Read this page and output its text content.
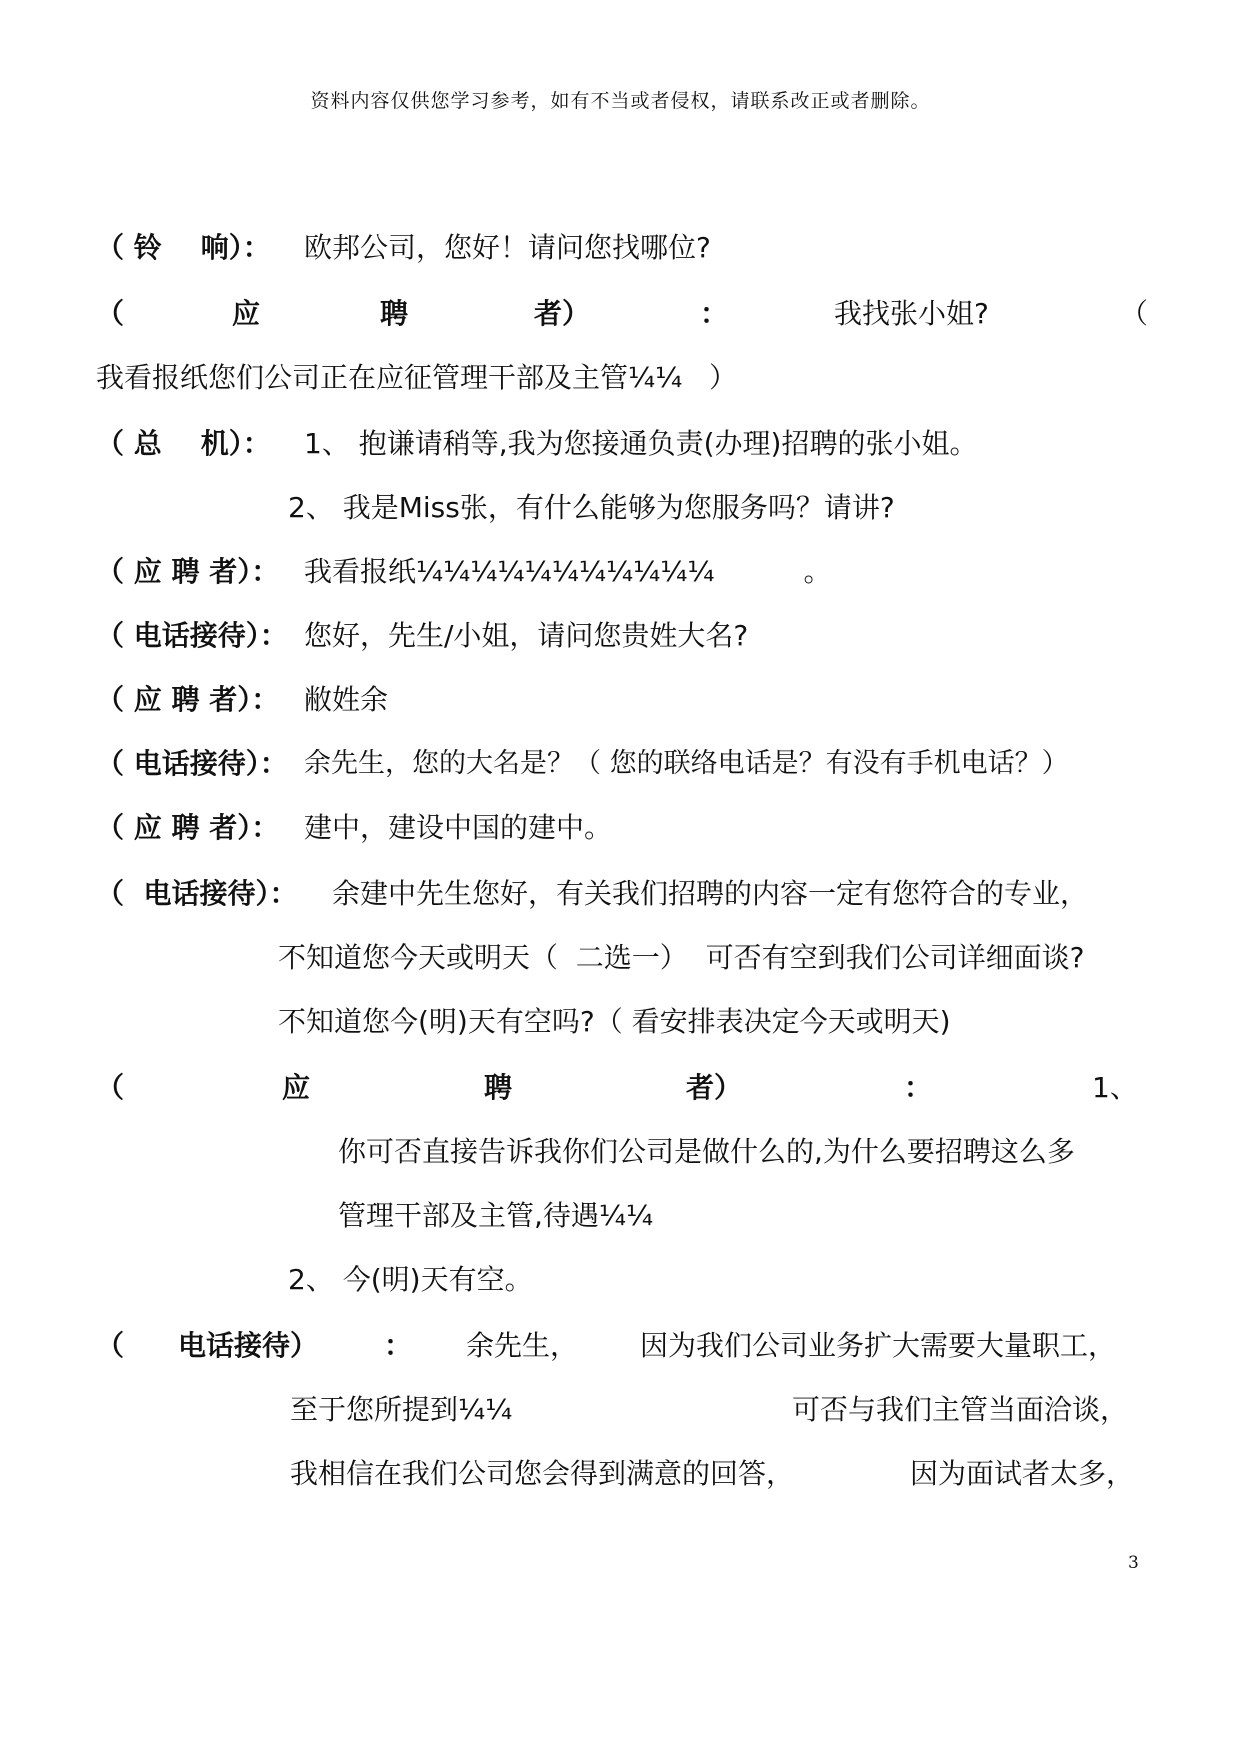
资料内容仅供您学习参考，如有不当或者侵权，请联系改正或者删除。
（ 铃    响）： 欧邦公司，您好！请问您找哪位?
（	应	聘	者）	：	我找张小姐?	（
我看报纸您们公司正在应征管理干部及主管¼¼   ）
（ 总    机）： 1、 抱谦请稍等,我为您接通负责(办理)招聘的张小姐。
2、 我是Miss张，有什么能够为您服务吗？请讲?
（ 应 聘 者）： 我看报纸¼¼¼¼¼¼¼¼¼¼¼          。
（ 电话接待）： 您好，先生/小姐，请问您贵姓大名?
（ 应 聘 者）： 敝姓余
（ 电话接待）： 余先生，您的大名是？（ 您的联络电话是？有没有手机电话？）
（ 应 聘 者）： 建中，建设中国的建中。
（  电话接待）： 余建中先生您好，有关我们招聘的内容一定有您符合的专业，
不知道您今天或明天（  二选一）  可否有空到我们公司详细面谈?
不知道您今(明)天有空吗?（ 看安排表决定今天或明天)
（	应	聘	者）	：	1、
你可否直接告诉我你们公司是做什么的,为什么要招聘这么多
管理干部及主管,待遇¼¼
2、 今(明)天有空。
（ 电话接待） ： 余先生， 因为我们公司业务扩大需要大量职工，
至于您所提到¼¼	可否与我们主管当面洽谈，
我相信在我们公司您会得到满意的回答，	因为面试者太多，
3
